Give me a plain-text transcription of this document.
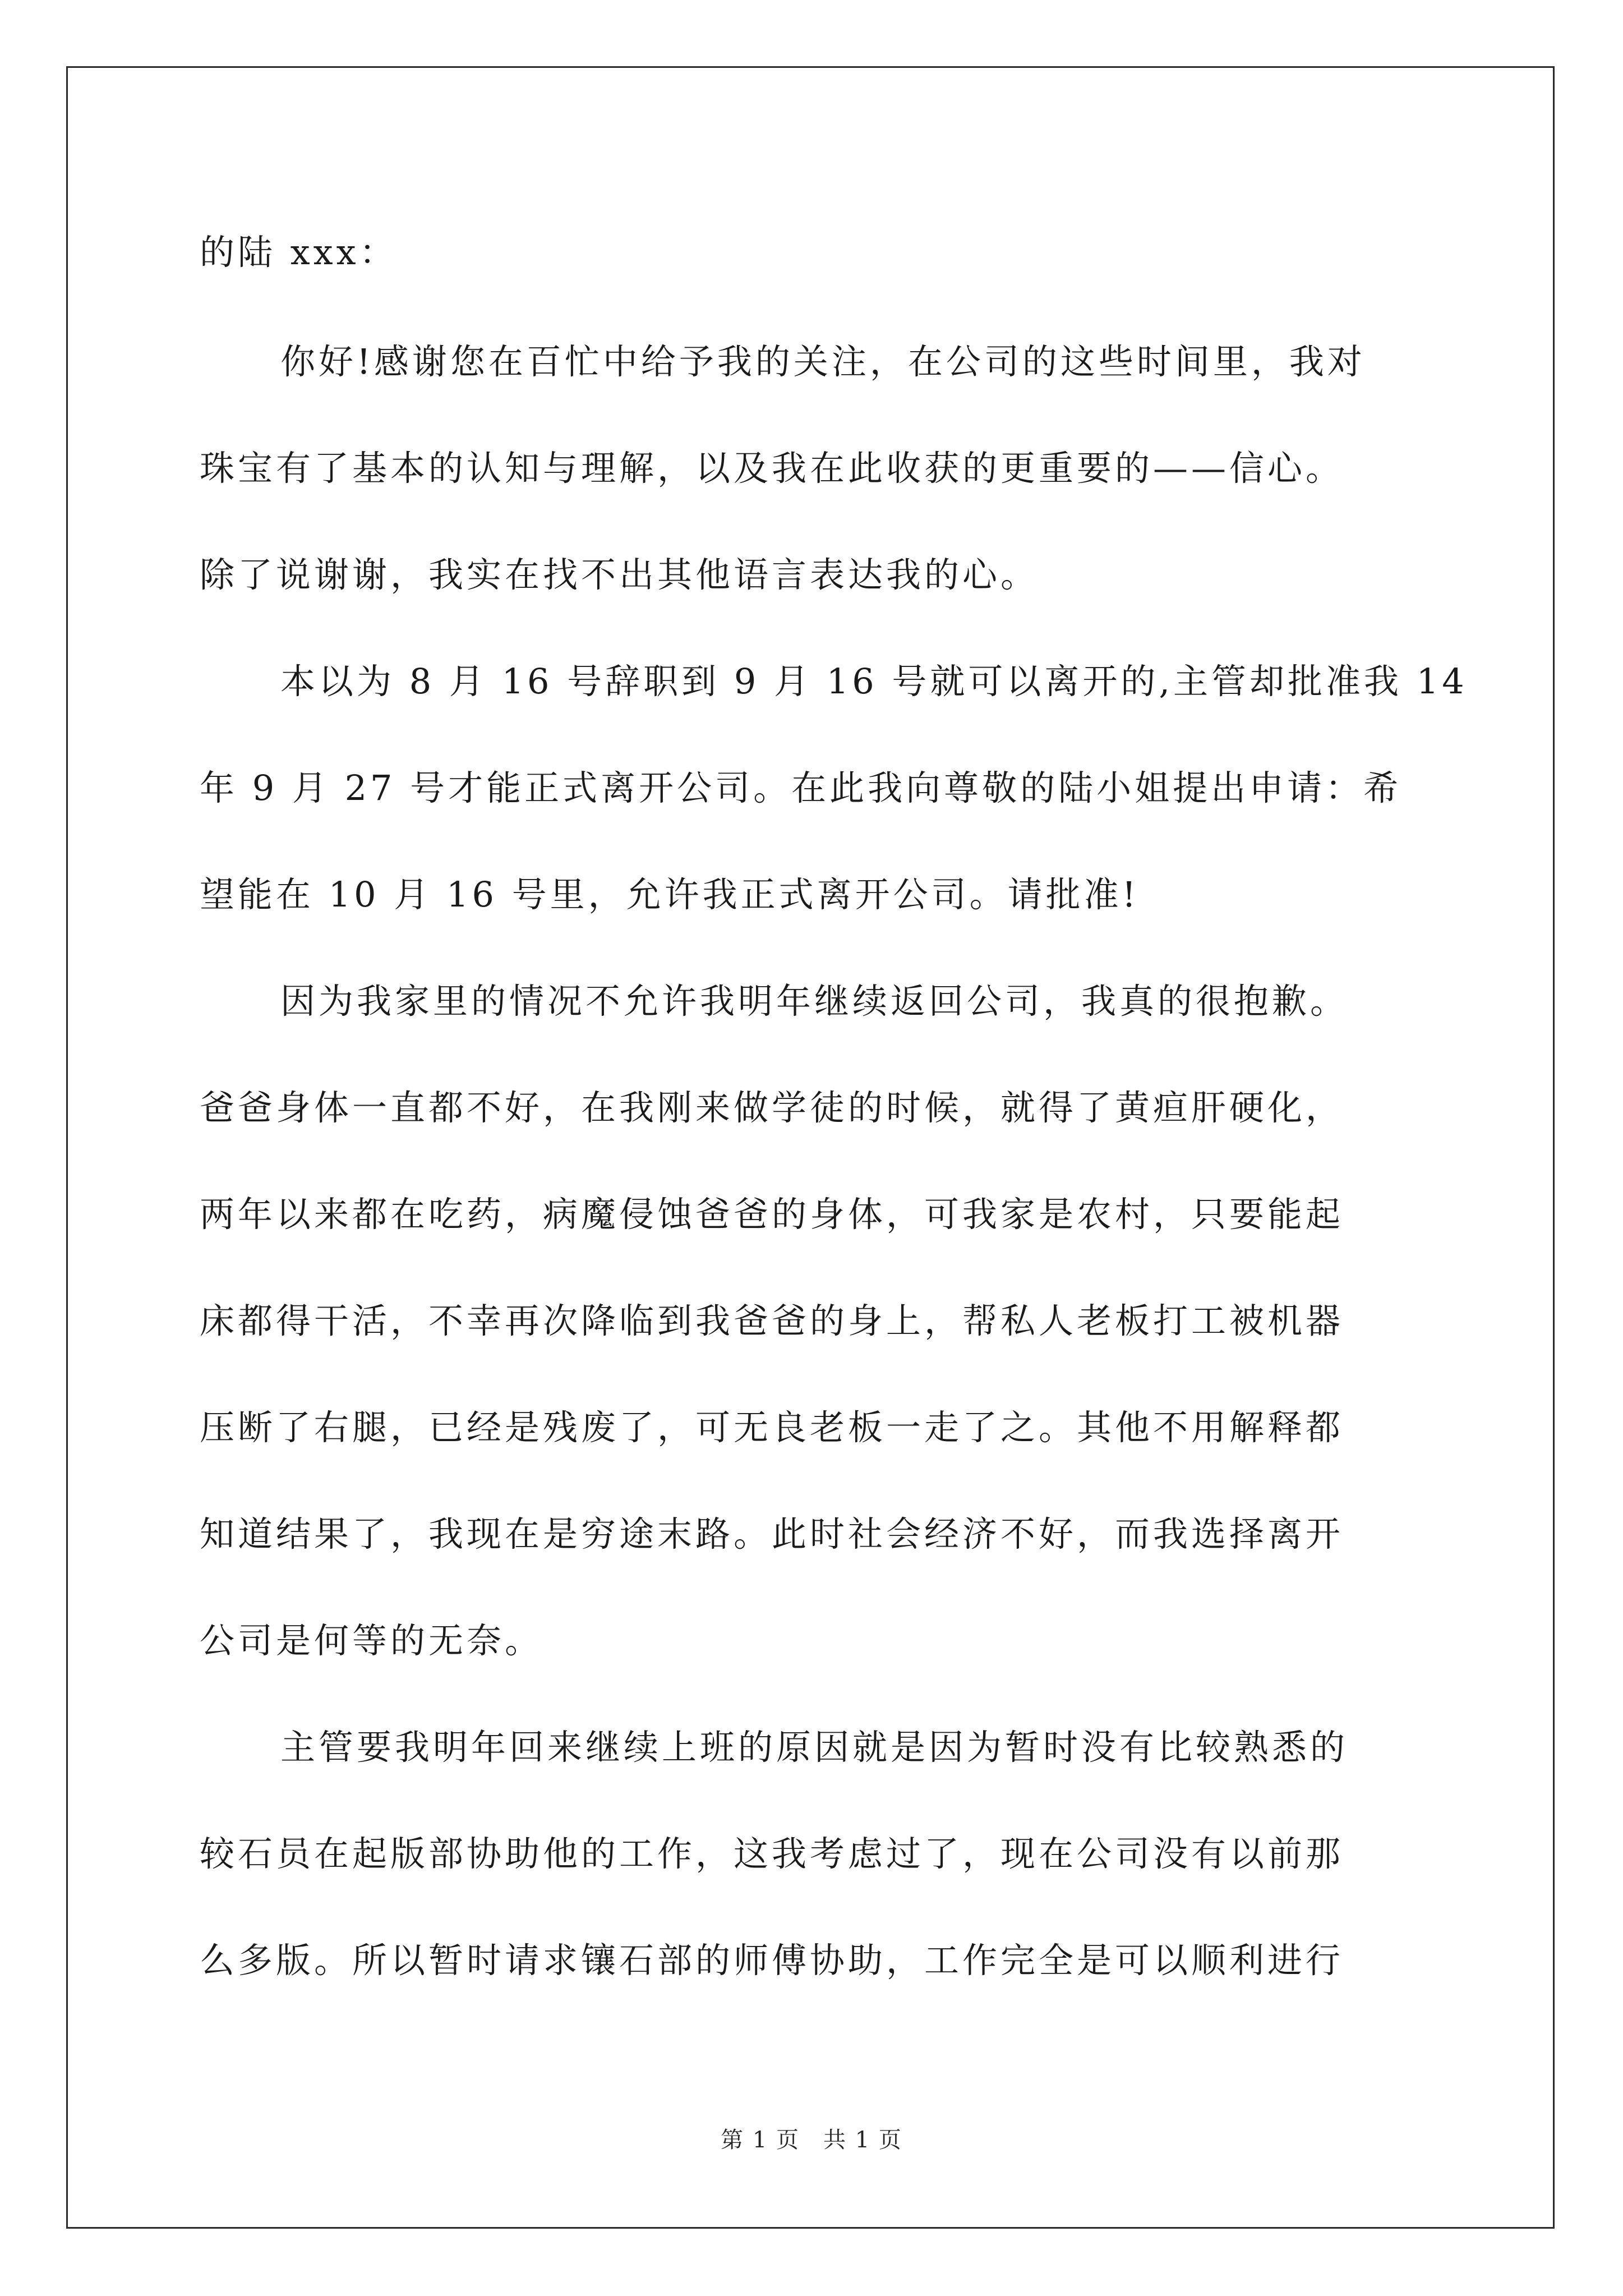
的陆 xxx：
你好!感谢您在百忙中给予我的关注，在公司的这些时间里，我对
珠宝有了基本的认知与理解，以及我在此收获的更重要的——信心。
除了说谢谢，我实在找不出其他语言表达我的心。
本以为 8 月 16 号辞职到 9 月 16 号就可以离开的,主管却批准我 14
年 9 月 27 号才能正式离开公司。在此我向尊敬的陆小姐提出申请：希
望能在 10 月 16 号里，允许我正式离开公司。请批准!
因为我家里的情况不允许我明年继续返回公司，我真的很抱歉。
爸爸身体一直都不好，在我刚来做学徒的时候，就得了黄疸肝硬化，
两年以来都在吃药，病魔侵蚀爸爸的身体，可我家是农村，只要能起
床都得干活，不幸再次降临到我爸爸的身上，帮私人老板打工被机器
压断了右腿，已经是残废了，可无良老板一走了之。其他不用解释都
知道结果了，我现在是穷途末路。此时社会经济不好，而我选择离开
公司是何等的无奈。
主管要我明年回来继续上班的原因就是因为暂时没有比较熟悉的
较石员在起版部协助他的工作，这我考虑过了，现在公司没有以前那
么多版。所以暂时请求镶石部的师傅协助，工作完全是可以顺利进行
第 1 页　共 1 页
